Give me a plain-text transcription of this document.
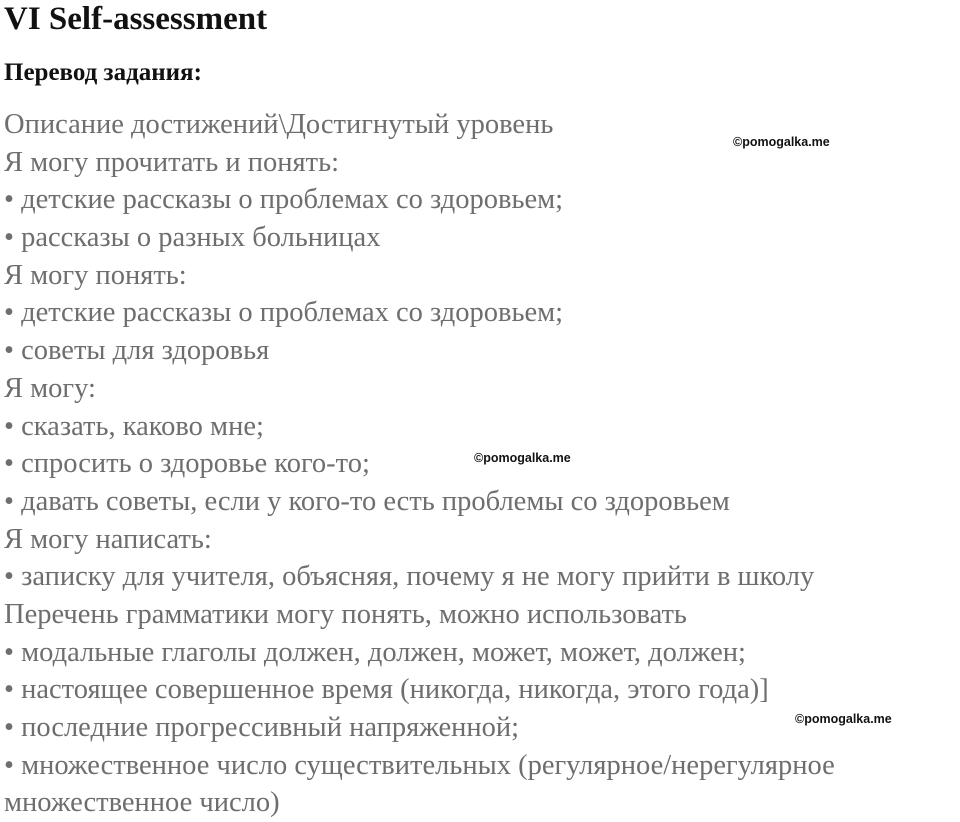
VI Self-assessment
Перевод задания:
Описание достижений\Достигнутый уровень
Я могу прочитать и понять:
• детские рассказы о проблемах со здоровьем;
• рассказы о разных больницах
Я могу понять:
• детские рассказы о проблемах со здоровьем;
• советы для здоровья
Я могу:
• сказать, каково мне;
• спросить о здоровье кого-то;
• давать советы, если у кого-то есть проблемы со здоровьем
Я могу написать:
• записку для учителя, объясняя, почему я не могу прийти в школу
Перечень грамматики могу понять, можно использовать
• модальные глаголы должен, должен, может, может, должен;
• настоящее совершенное время (никогда, никогда, этого года)]
• последние прогрессивный напряженной;
• множественное число существительных (регулярное/нерегулярное
множественное число)
©pomogalka.me
©pomogalka.me
©pomogalka.me
